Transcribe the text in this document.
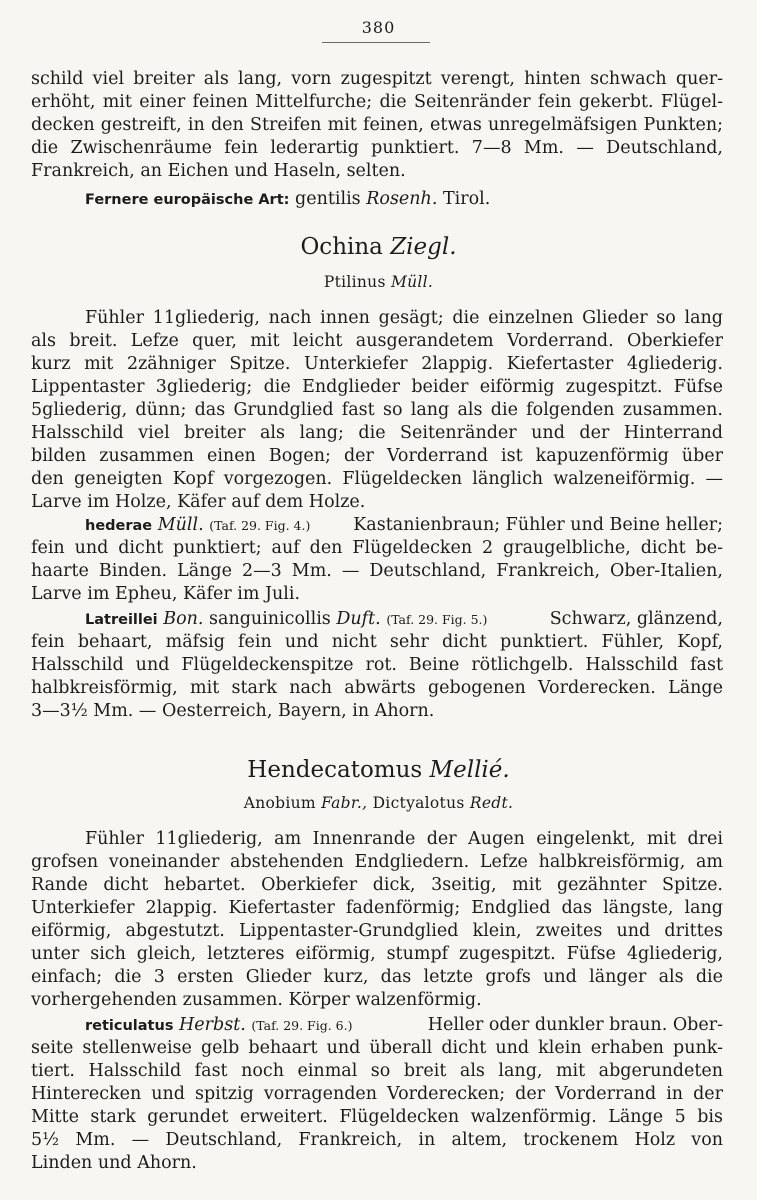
380
schild viel breiter als lang, vorn zugespitzt verengt, hinten schwach quer-
erhöht, mit einer feinen Mittelfurche; die Seitenränder fein gekerbt. Flügel-
decken gestreift, in den Streifen mit feinen, etwas unregelmäfsigen Punkten;
die Zwischenräume fein lederartig punktiert. 7—8 Mm. — Deutschland,
Frankreich, an Eichen und Haseln, selten.
Fernere europäische Art: gentilis Rosenh. Tirol.
Ochina Ziegl.
Ptilinus Müll.
Fühler 11gliederig, nach innen gesägt; die einzelnen Glieder so lang
als breit. Lefze quer, mit leicht ausgerandetem Vorderrand. Oberkiefer
kurz mit 2zähniger Spitze. Unterkiefer 2lappig. Kiefertaster 4gliederig.
Lippentaster 3gliederig; die Endglieder beider eiförmig zugespitzt. Füfse
5gliederig, dünn; das Grundglied fast so lang als die folgenden zusammen.
Halsschild viel breiter als lang; die Seitenränder und der Hinterrand
bilden zusammen einen Bogen; der Vorderrand ist kapuzenförmig über
den geneigten Kopf vorgezogen. Flügeldecken länglich walzeneiförmig. —
Larve im Holze, Käfer auf dem Holze.
hederae Müll. (Taf. 29. Fig. 4.) Kastanienbraun; Fühler und Beine heller;
fein und dicht punktiert; auf den Flügeldecken 2 graugelbliche, dicht be-
haarte Binden. Länge 2—3 Mm. — Deutschland, Frankreich, Ober-Italien,
Larve im Epheu, Käfer im Juli.
Latreillei Bon. sanguinicollis Duft. (Taf. 29. Fig. 5.)	Schwarz, glänzend,
fein behaart, mäfsig fein und nicht sehr dicht punktiert. Fühler, Kopf,
Halsschild und Flügeldeckenspitze rot. Beine rötlichgelb. Halsschild fast
halbkreisförmig, mit stark nach abwärts gebogenen Vorderecken. Länge
3—3½ Mm. — Oesterreich, Bayern, in Ahorn.
Hendecatomus Mellié.
Anobium Fabr., Dictyalotus Redt.
Fühler 11gliederig, am Innenrande der Augen eingelenkt, mit drei
grofsen voneinander abstehenden Endgliedern. Lefze halbkreisförmig, am
Rande dicht hebartet. Oberkiefer dick, 3seitig, mit gezähnter Spitze.
Unterkiefer 2lappig. Kiefertaster fadenförmig; Endglied das längste, lang
eiförmig, abgestutzt. Lippentaster-Grundglied klein, zweites und drittes
unter sich gleich, letzteres eiförmig, stumpf zugespitzt. Füfse 4gliederig,
einfach; die 3 ersten Glieder kurz, das letzte grofs und länger als die
vorhergehenden zusammen. Körper walzenförmig.
reticulatus Herbst. (Taf. 29. Fig. 6.)	Heller oder dunkler braun. Ober-
seite stellenweise gelb behaart und überall dicht und klein erhaben punk-
tiert. Halsschild fast noch einmal so breit als lang, mit abgerundeten
Hinterecken und spitzig vorragenden Vorderecken; der Vorderrand in der
Mitte stark gerundet erweitert. Flügeldecken walzenförmig. Länge 5 bis
5½ Mm. — Deutschland, Frankreich, in altem, trockenem Holz von
Linden und Ahorn.
